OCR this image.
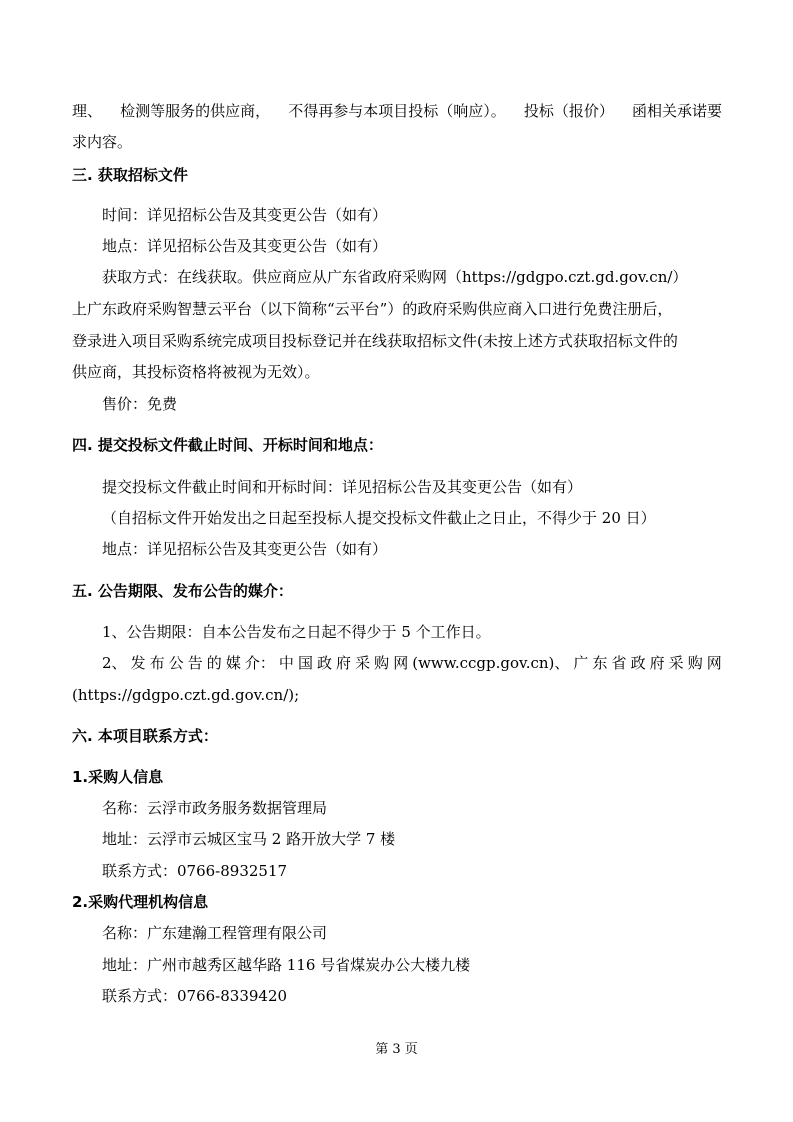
理、 检测等服务的供应商， 不得再参与本项目投标（响应）。 投标（报价） 函相关承诺要
求内容。
三. 获取招标文件
时间：详见招标公告及其变更公告（如有）
地点：详见招标公告及其变更公告（如有）
获取方式：在线获取。供应商应从广东省政府采购网（https://gdgpo.czt.gd.gov.cn/）
上广东政府采购智慧云平台（以下简称“云平台”）的政府采购供应商入口进行免费注册后，
登录进入项目采购系统完成项目投标登记并在线获取招标文件(未按上述方式获取招标文件的
供应商，其投标资格将被视为无效）。
售价：免费
四. 提交投标文件截止时间、开标时间和地点：
提交投标文件截止时间和开标时间：详见招标公告及其变更公告（如有）
（自招标文件开始发出之日起至投标人提交投标文件截止之日止，不得少于 20 日）
地点：详见招标公告及其变更公告（如有）
五. 公告期限、发布公告的媒介：
1、公告期限：自本公告发布之日起不得少于 5 个工作日。
2、 发 布 公 告 的 媒 介： 中 国 政 府 采 购 网 (www.ccgp.gov.cn)、 广 东 省 政 府 采 购 网
(https://gdgpo.czt.gd.gov.cn/);
六. 本项目联系方式：
1.采购人信息
名称：云浮市政务服务数据管理局
地址：云浮市云城区宝马 2 路开放大学 7 楼
联系方式：0766-8932517
2.采购代理机构信息
名称：广东建瀚工程管理有限公司
地址：广州市越秀区越华路 116 号省煤炭办公大楼九楼
联系方式：0766-8339420
第 3 页
